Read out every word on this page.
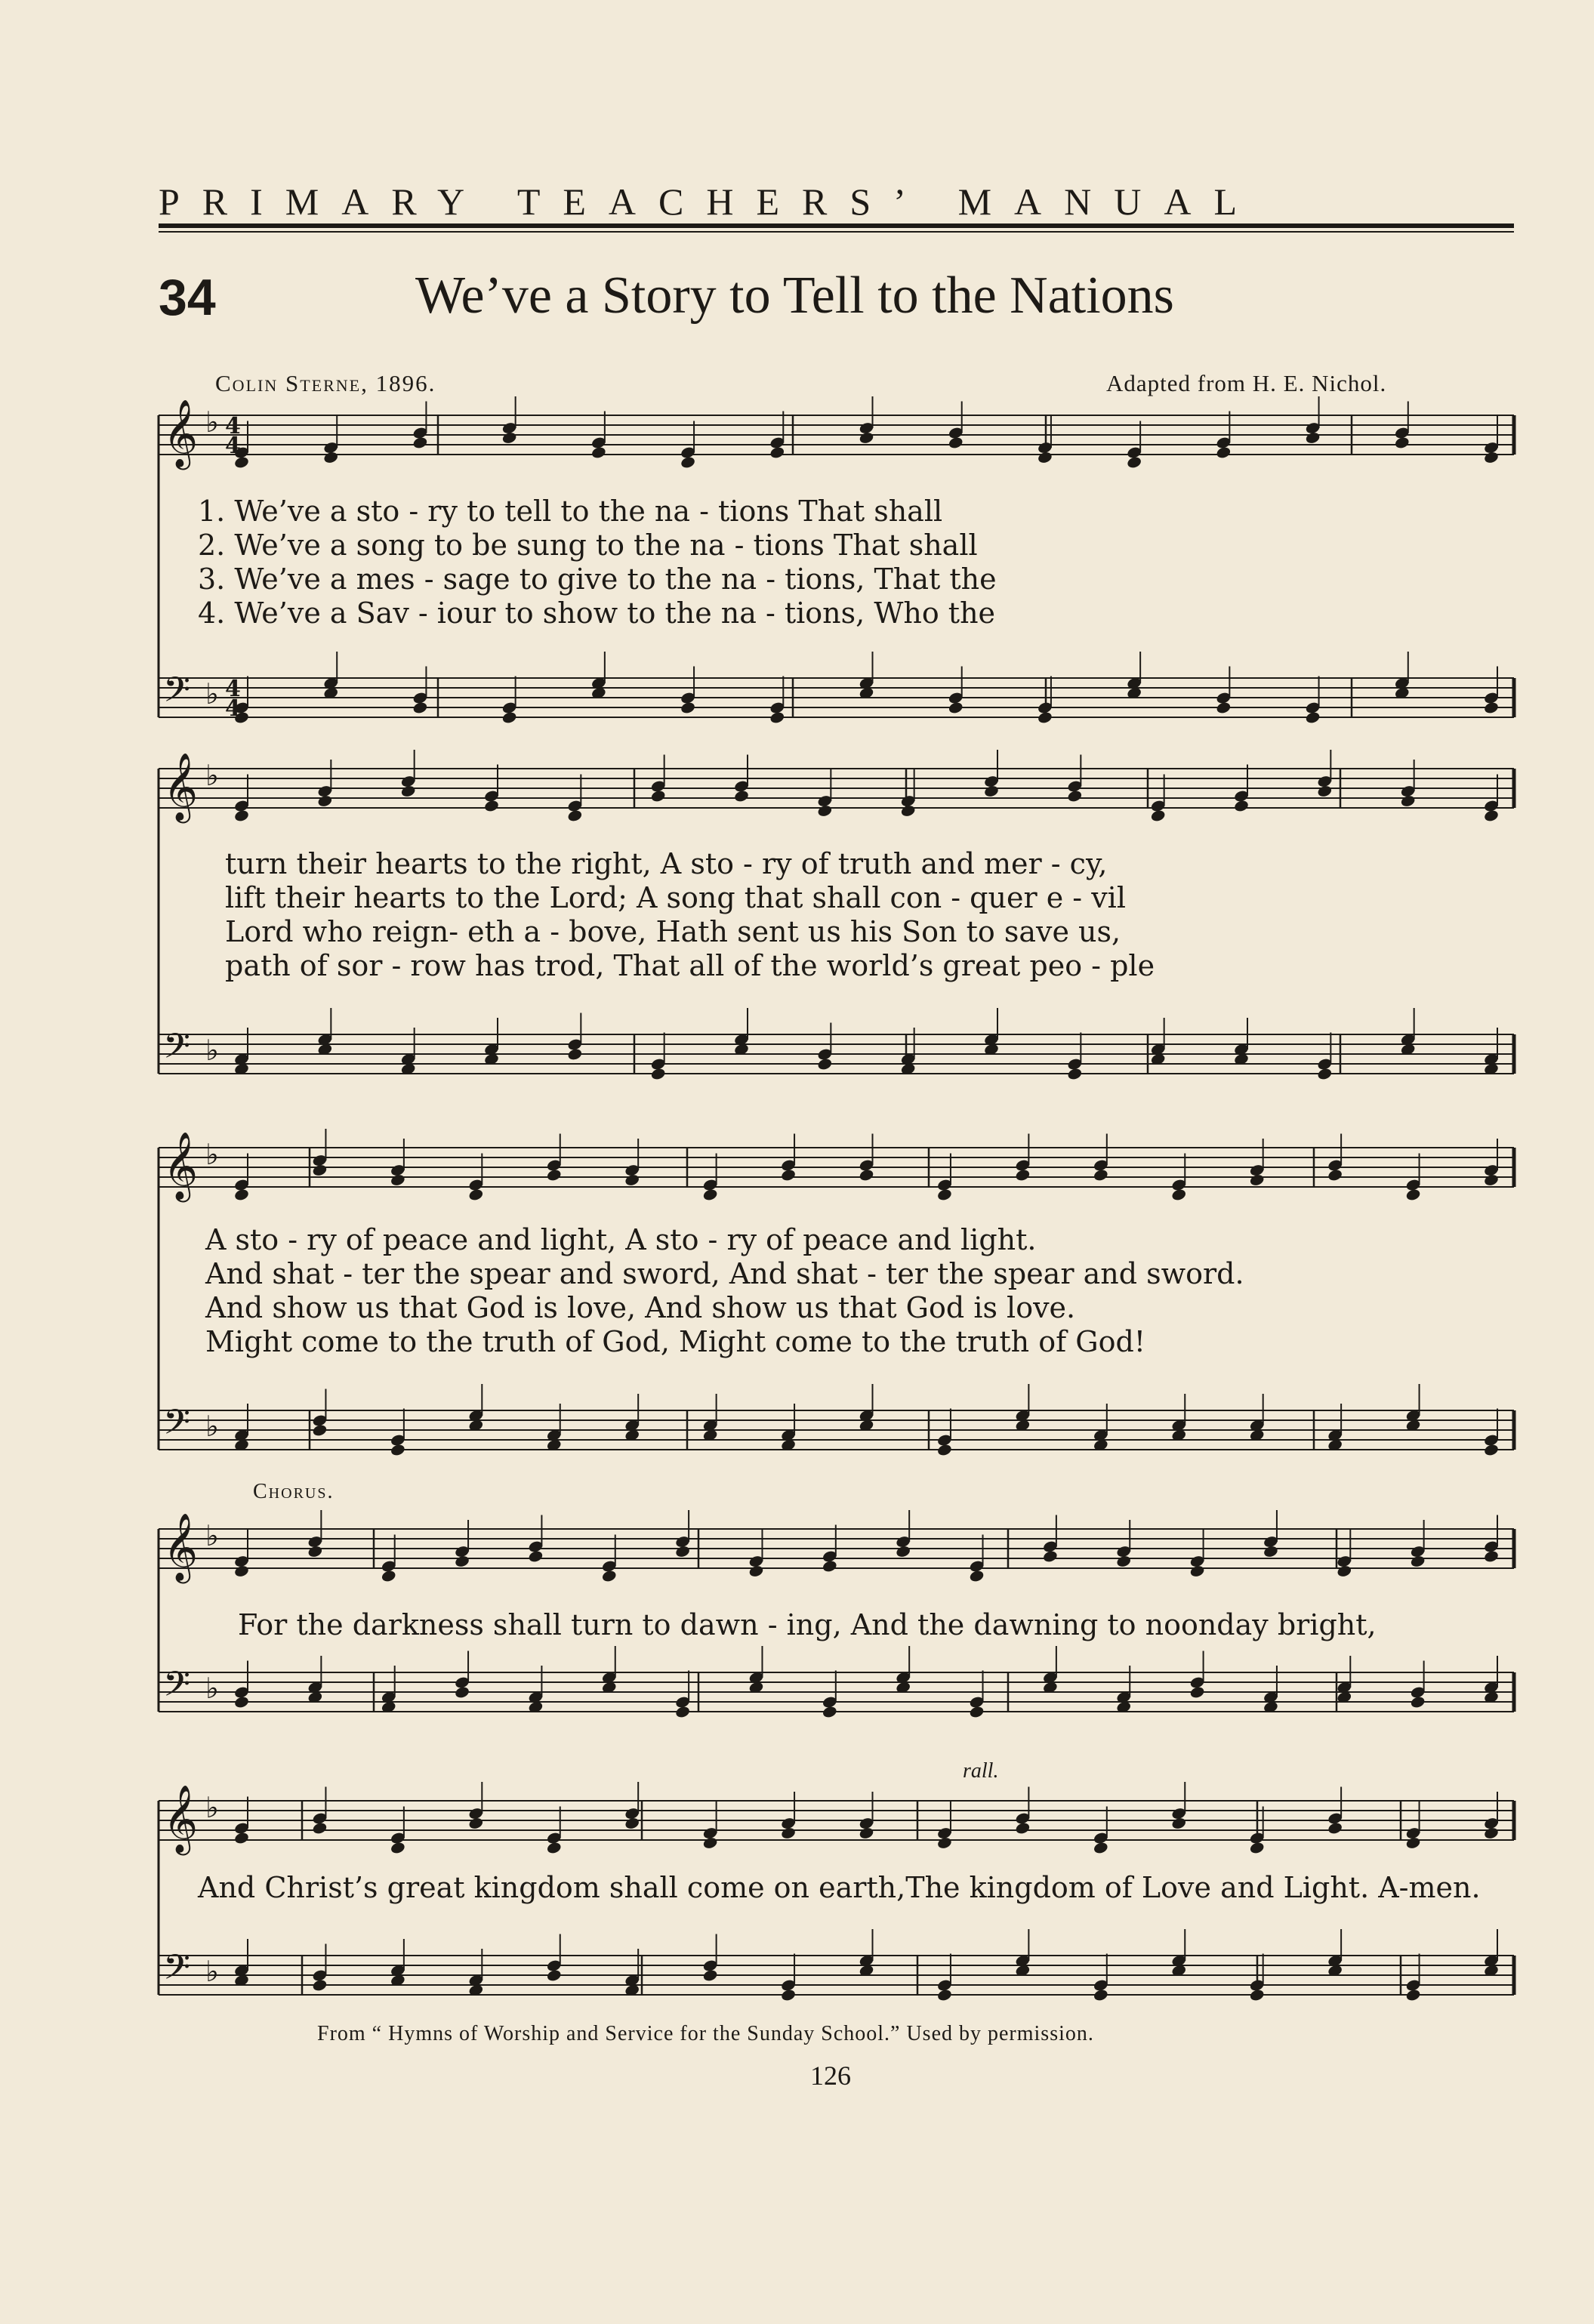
PRIMARY TEACHERS’ MANUAL
34	We’ve a Story to Tell to the Nations
Colin Sterne, 1896.	Adapted from H. E. Nichol.
𝄞 ♭
𝄢 ♭
𝄞 ♭
𝄢 ♭
𝄞 ♭
𝄢 ♭
𝄞 ♭
𝄢 ♭
𝄞 ♭
𝄢 ♭
4
4
4
4
1. We’ve a sto - ry to tell to the na - tions That shall
2. We’ve a song to be sung to the na - tions That shall
3. We’ve a mes - sage to give to the na - tions, That the
4. We’ve a Sav - iour to show to the na - tions, Who the
turn their hearts to the right, A sto - ry of truth and mer - cy,
lift their hearts to the Lord; A song that shall con - quer e - vil
Lord who reign- eth a - bove, Hath sent us his Son to save us,
path of sor - row has trod, That all of the world’s great peo - ple
A sto - ry of peace and light, A sto - ry of peace and light.
And shat - ter the spear and sword, And shat - ter the spear and sword.
And show us that God is love, And show us that God is love.
Might come to the truth of God, Might come to the truth of God!
Chorus.
For the darkness shall turn to dawn - ing, And the dawning to noonday bright,
rall.
And Christ’s great kingdom shall come on earth,The kingdom of Love and Light. A-men.
From “ Hymns of Worship and Service for the Sunday School.” Used by permission.
126
